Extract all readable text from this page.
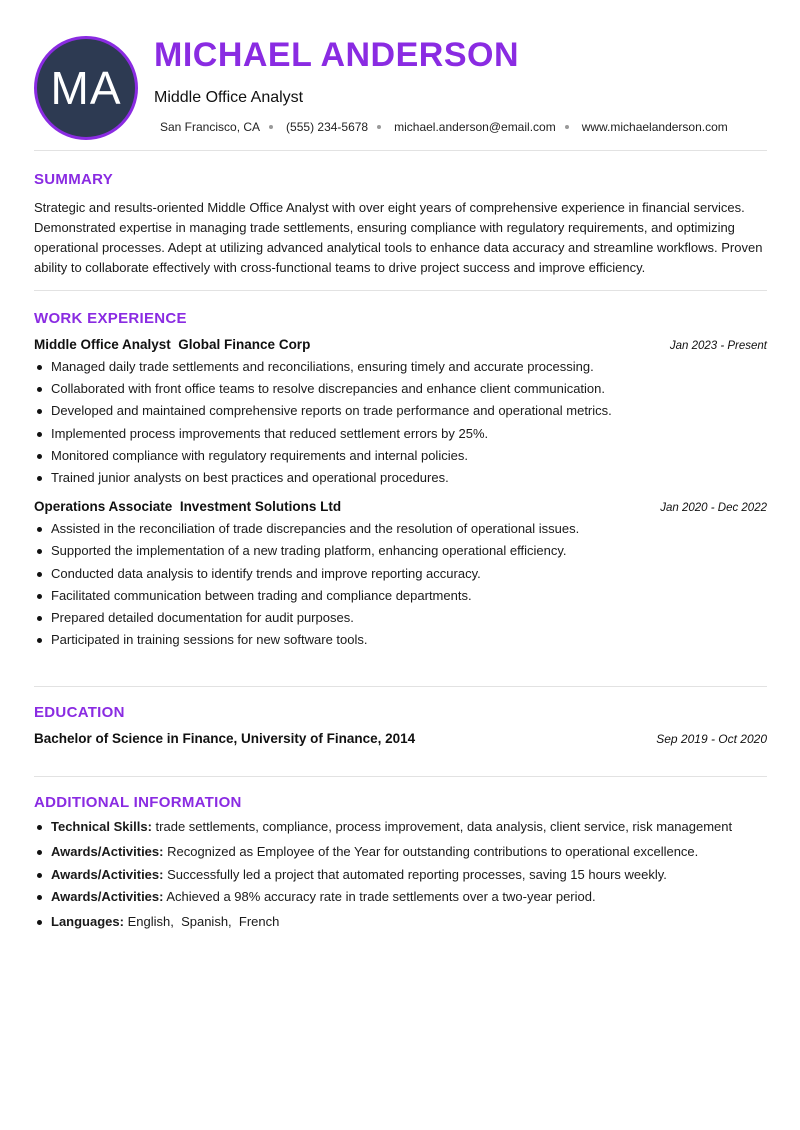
MA
MICHAEL ANDERSON
Middle Office Analyst
San Francisco, CA (555) 234-5678 michael.anderson@email.com www.michaelanderson.com
SUMMARY

Strategic and results-oriented Middle Office Analyst with over eight years of comprehensive experience in financial services. Demonstrated expertise in managing trade settlements, ensuring compliance with regulatory requirements, and optimizing operational processes. Adept at utilizing advanced analytical tools to enhance data accuracy and streamline workflows. Proven ability to collaborate effectively with cross-functional teams to drive project success and improve efficiency.

WORK EXPERIENCE
Middle Office Analyst Global Finance Corp	Jan 2023 - Present
Managed daily trade settlements and reconciliations, ensuring timely and accurate processing.
Collaborated with front office teams to resolve discrepancies and enhance client communication.
Developed and maintained comprehensive reports on trade performance and operational metrics.
Implemented process improvements that reduced settlement errors by 25%.
Monitored compliance with regulatory requirements and internal policies.
Trained junior analysts on best practices and operational procedures.
Operations Associate Investment Solutions Ltd	Jan 2020 - Dec 2022
Assisted in the reconciliation of trade discrepancies and the resolution of operational issues.
Supported the implementation of a new trading platform, enhancing operational efficiency.
Conducted data analysis to identify trends and improve reporting accuracy.
Facilitated communication between trading and compliance departments.
Prepared detailed documentation for audit purposes.
Participated in training sessions for new software tools.
EDUCATION
Bachelor of Science in Finance, University of Finance, 2014	Sep 2019 - Oct 2020
ADDITIONAL INFORMATION
Technical Skills: trade settlements, compliance, process improvement, data analysis, client service, risk management
Awards/Activities: Recognized as Employee of the Year for outstanding contributions to operational excellence.
Awards/Activities: Successfully led a project that automated reporting processes, saving 15 hours weekly.
Awards/Activities: Achieved a 98% accuracy rate in trade settlements over a two-year period.
Languages: English,  Spanish,  French
